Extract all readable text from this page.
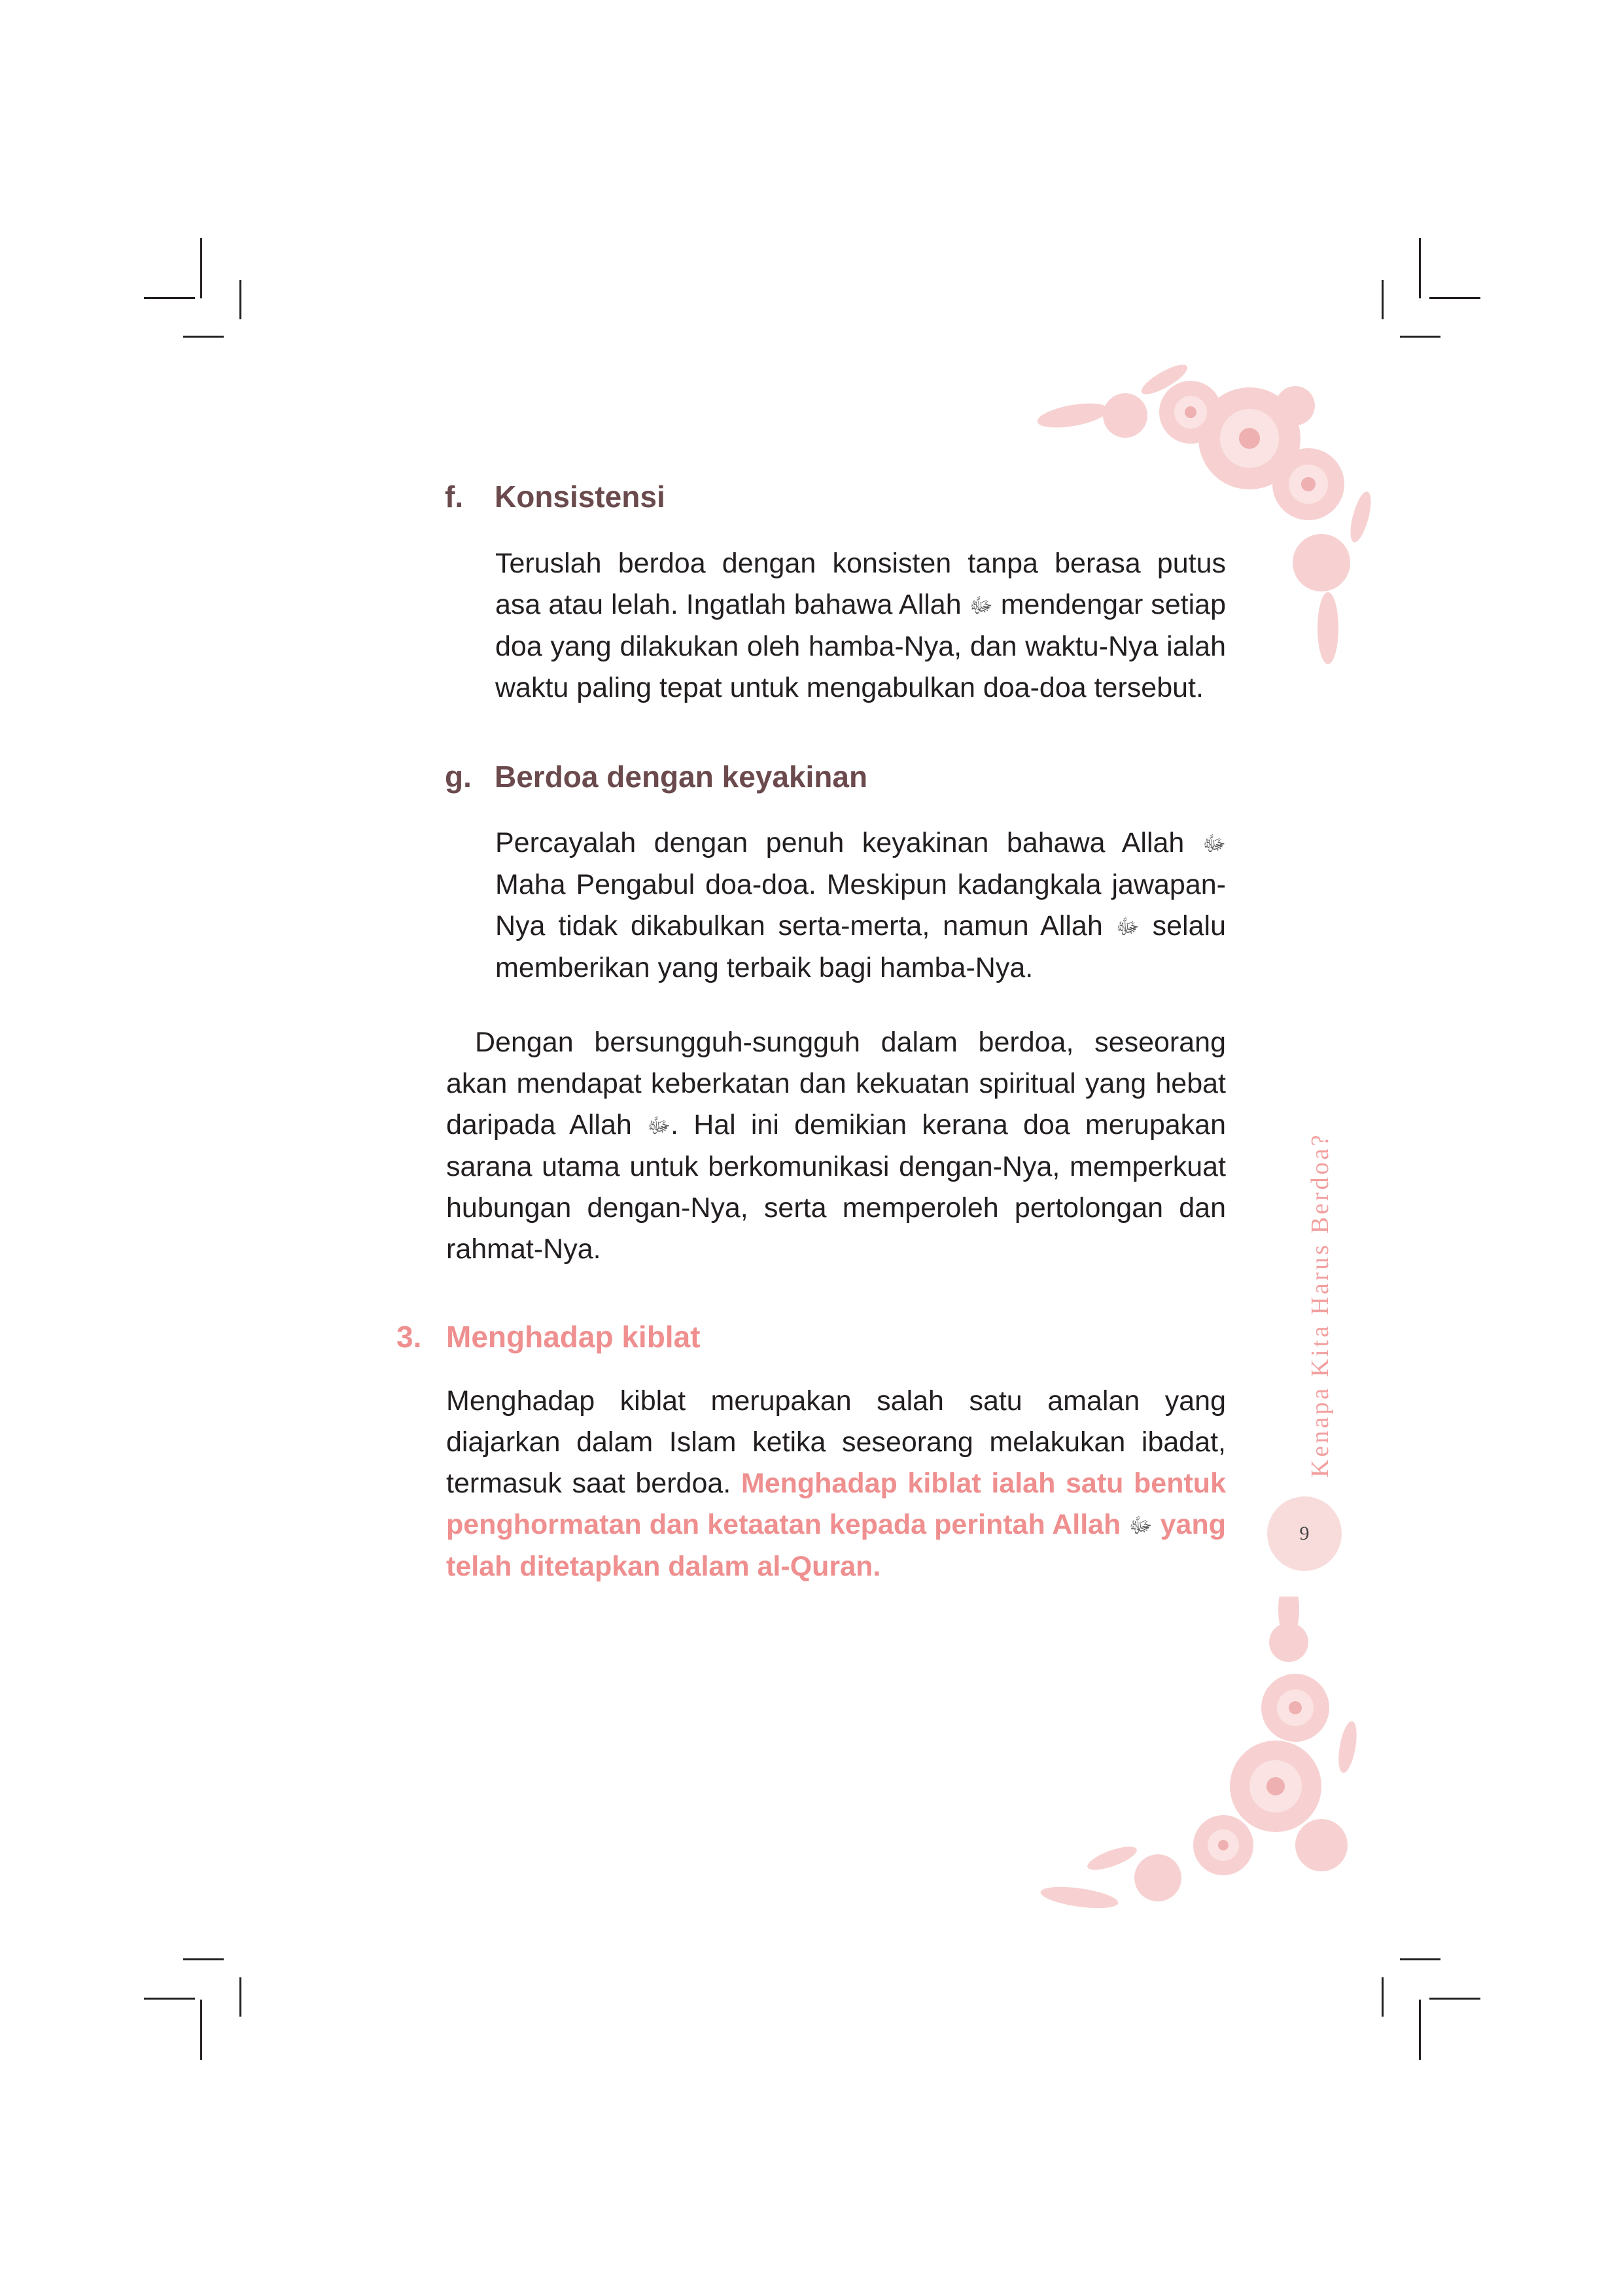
f. Konsistensi

Teruslah berdoa dengan konsisten tanpa berasa putus asa atau lelah. Ingatlah bahawa Allah ﷻ mendengar setiap doa yang dilakukan oleh hamba-Nya, dan waktu-Nya ialah waktu paling tepat untuk mengabulkan doa-doa tersebut.

g. Berdoa dengan keyakinan

Percayalah dengan penuh keyakinan bahawa Allah ﷻ Maha Pengabul doa-doa. Meskipun kadangkala jawapan-Nya tidak dikabulkan serta-merta, namun Allah ﷻ selalu memberikan yang terbaik bagi hamba-Nya.

Dengan bersungguh-sungguh dalam berdoa, seseorang akan mendapat keberkatan dan kekuatan spiritual yang hebat daripada Allah ﷻ. Hal ini demikian kerana doa merupakan sarana utama untuk berkomunikasi dengan-Nya, memperkuat hubungan dengan-Nya, serta memperoleh pertolongan dan rahmat-Nya.

3. Menghadap kiblat

Menghadap kiblat merupakan salah satu amalan yang diajarkan dalam Islam ketika seseorang melakukan ibadat, termasuk saat berdoa. Menghadap kiblat ialah satu bentuk penghormatan dan ketaatan kepada perintah Allah ﷻ yang telah ditetapkan dalam al-Quran.

Kenapa Kita Harus Berdoa?
9
